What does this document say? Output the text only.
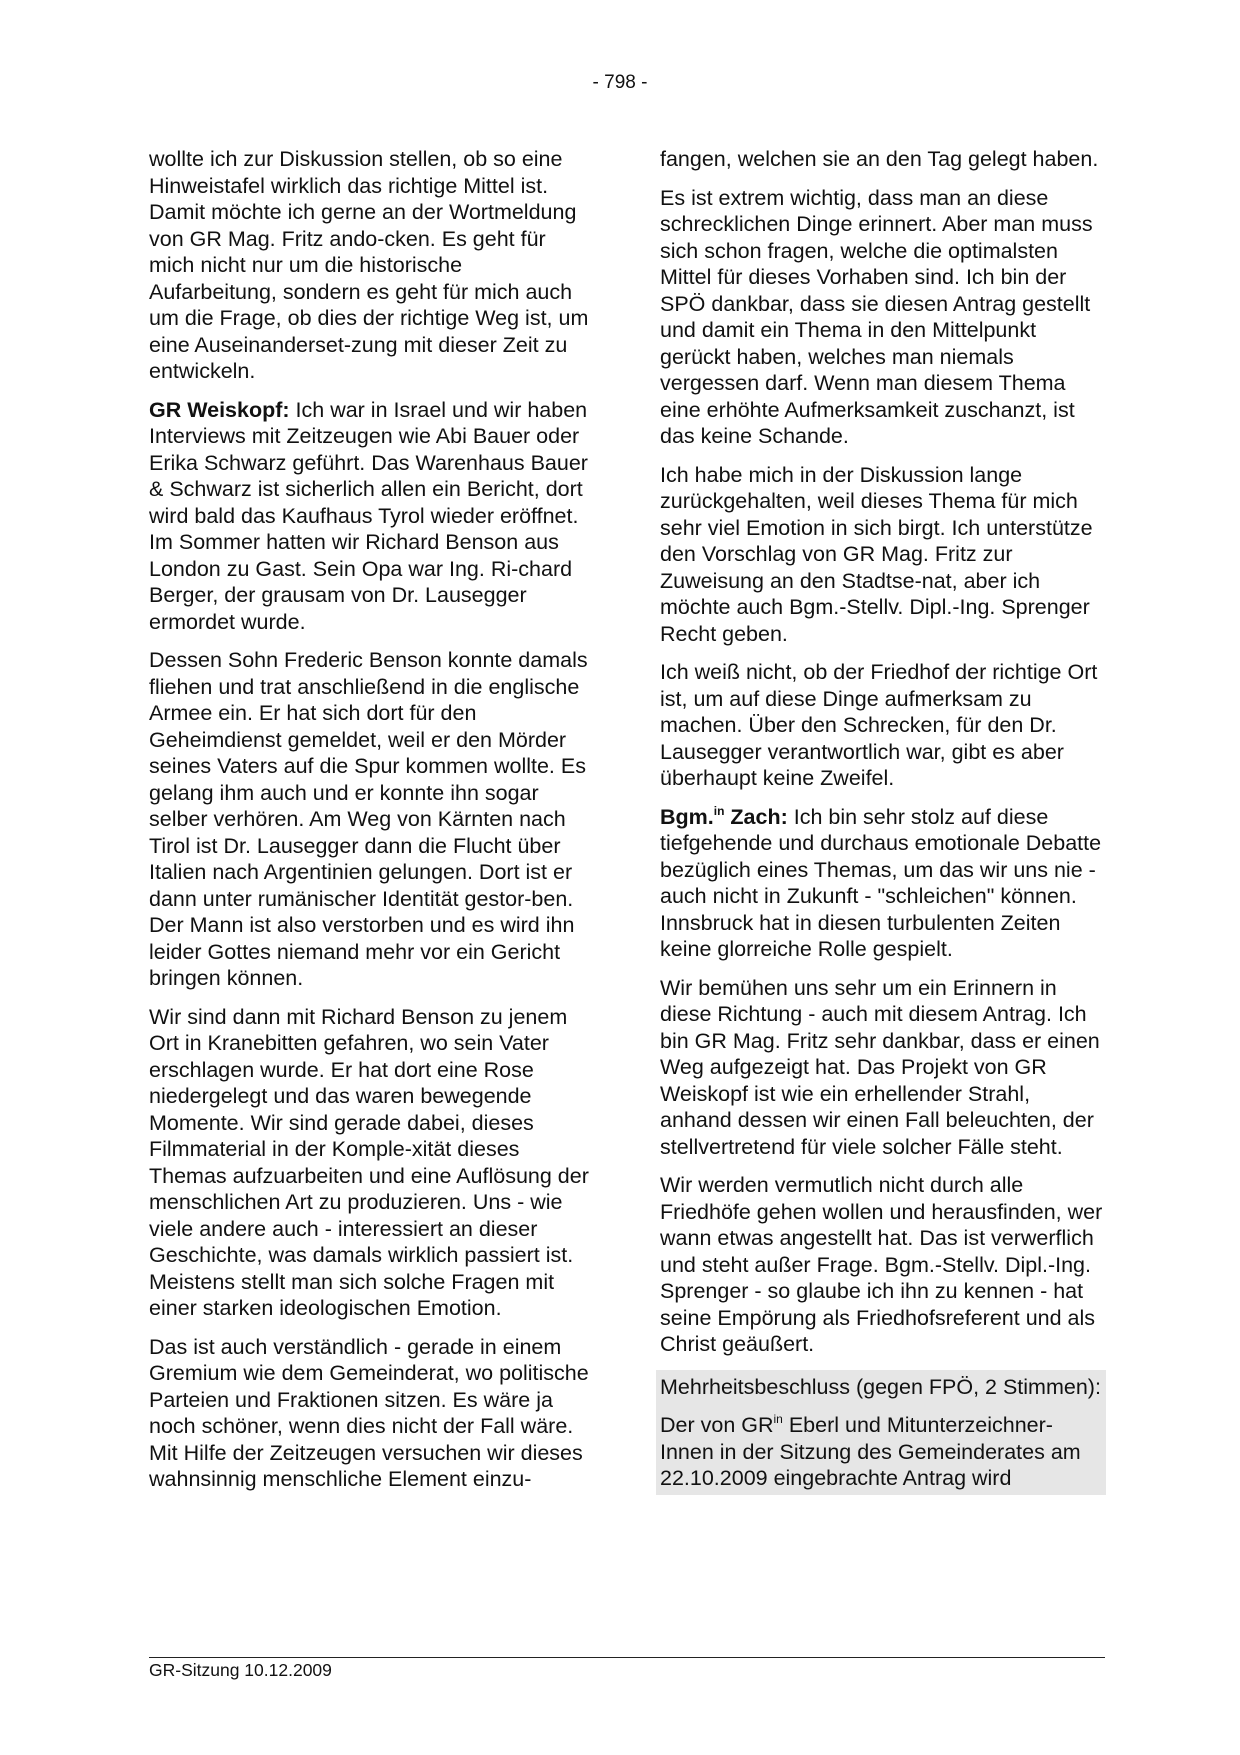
- 798 -

wollte ich zur Diskussion stellen, ob so eine Hinweistafel wirklich das richtige Mittel ist. Damit möchte ich gerne an der Wortmeldung von GR Mag. Fritz ando-cken. Es geht für mich nicht nur um die historische Aufarbeitung, sondern es geht für mich auch um die Frage, ob dies der richtige Weg ist, um eine Auseinanderset-zung mit dieser Zeit zu entwickeln.

GR Weiskopf: Ich war in Israel und wir haben Interviews mit Zeitzeugen wie Abi Bauer oder Erika Schwarz geführt. Das Warenhaus Bauer & Schwarz ist sicherlich allen ein Bericht, dort wird bald das Kaufhaus Tyrol wieder eröffnet. Im Sommer hatten wir Richard Benson aus London zu Gast. Sein Opa war Ing. Ri-chard Berger, der grausam von Dr. Lausegger ermordet wurde.

Dessen Sohn Frederic Benson konnte damals fliehen und trat anschließend in die englische Armee ein. Er hat sich dort für den Geheimdienst gemeldet, weil er den Mörder seines Vaters auf die Spur kommen wollte. Es gelang ihm auch und er konnte ihn sogar selber verhören. Am Weg von Kärnten nach Tirol ist Dr. Lausegger dann die Flucht über Italien nach Argentinien gelungen. Dort ist er dann unter rumänischer Identität gestor-ben. Der Mann ist also verstorben und es wird ihn leider Gottes niemand mehr vor ein Gericht bringen können.

Wir sind dann mit Richard Benson zu jenem Ort in Kranebitten gefahren, wo sein Vater erschlagen wurde. Er hat dort eine Rose niedergelegt und das waren bewegende Momente. Wir sind gerade dabei, dieses Filmmaterial in der Komple-xität dieses Themas aufzuarbeiten und eine Auflösung der menschlichen Art zu produzieren. Uns - wie viele andere auch - interessiert an dieser Geschichte, was damals wirklich passiert ist. Meistens stellt man sich solche Fragen mit einer starken ideologischen Emotion.

Das ist auch verständlich - gerade in einem Gremium wie dem Gemeinderat, wo politische Parteien und Fraktionen sitzen. Es wäre ja noch schöner, wenn dies nicht der Fall wäre. Mit Hilfe der Zeitzeugen versuchen wir dieses wahnsinnig menschliche Element einzu-

fangen, welchen sie an den Tag gelegt haben.

Es ist extrem wichtig, dass man an diese schrecklichen Dinge erinnert. Aber man muss sich schon fragen, welche die optimalsten Mittel für dieses Vorhaben sind. Ich bin der SPÖ dankbar, dass sie diesen Antrag gestellt und damit ein Thema in den Mittelpunkt gerückt haben, welches man niemals vergessen darf. Wenn man diesem Thema eine erhöhte Aufmerksamkeit zuschanzt, ist das keine Schande.

Ich habe mich in der Diskussion lange zurückgehalten, weil dieses Thema für mich sehr viel Emotion in sich birgt. Ich unterstütze den Vorschlag von GR Mag. Fritz zur Zuweisung an den Stadtse-nat, aber ich möchte auch Bgm.-Stellv. Dipl.-Ing. Sprenger Recht geben.

Ich weiß nicht, ob der Friedhof der richtige Ort ist, um auf diese Dinge aufmerksam zu machen. Über den Schrecken, für den Dr. Lausegger verantwortlich war, gibt es aber überhaupt keine Zweifel.

Bgm.$^{in}$ Zach: Ich bin sehr stolz auf diese tiefgehende und durchaus emotionale Debatte bezüglich eines Themas, um das wir uns nie - auch nicht in Zukunft - "schleichen" können. Innsbruck hat in diesen turbulenten Zeiten keine glorreiche Rolle gespielt.

Wir bemühen uns sehr um ein Erinnern in diese Richtung - auch mit diesem Antrag. Ich bin GR Mag. Fritz sehr dankbar, dass er einen Weg aufgezeigt hat. Das Projekt von GR Weiskopf ist wie ein erhellender Strahl, anhand dessen wir einen Fall beleuchten, der stellvertretend für viele solcher Fälle steht.

Wir werden vermutlich nicht durch alle Friedhöfe gehen wollen und herausfinden, wer wann etwas angestellt hat. Das ist verwerflich und steht außer Frage. Bgm.-Stellv. Dipl.-Ing. Sprenger - so glaube ich ihn zu kennen - hat seine Empörung als Friedhofsreferent und als Christ geäußert.

Mehrheitsbeschluss (gegen FPÖ, 2 Stimmen):

Der von $GR^{in}$ Eberl und Mitunterzeichner-Innen in der Sitzung des Gemeinderates am 22.10.2009 eingebrachte Antrag wird

GR-Sitzung 10.12.2009
